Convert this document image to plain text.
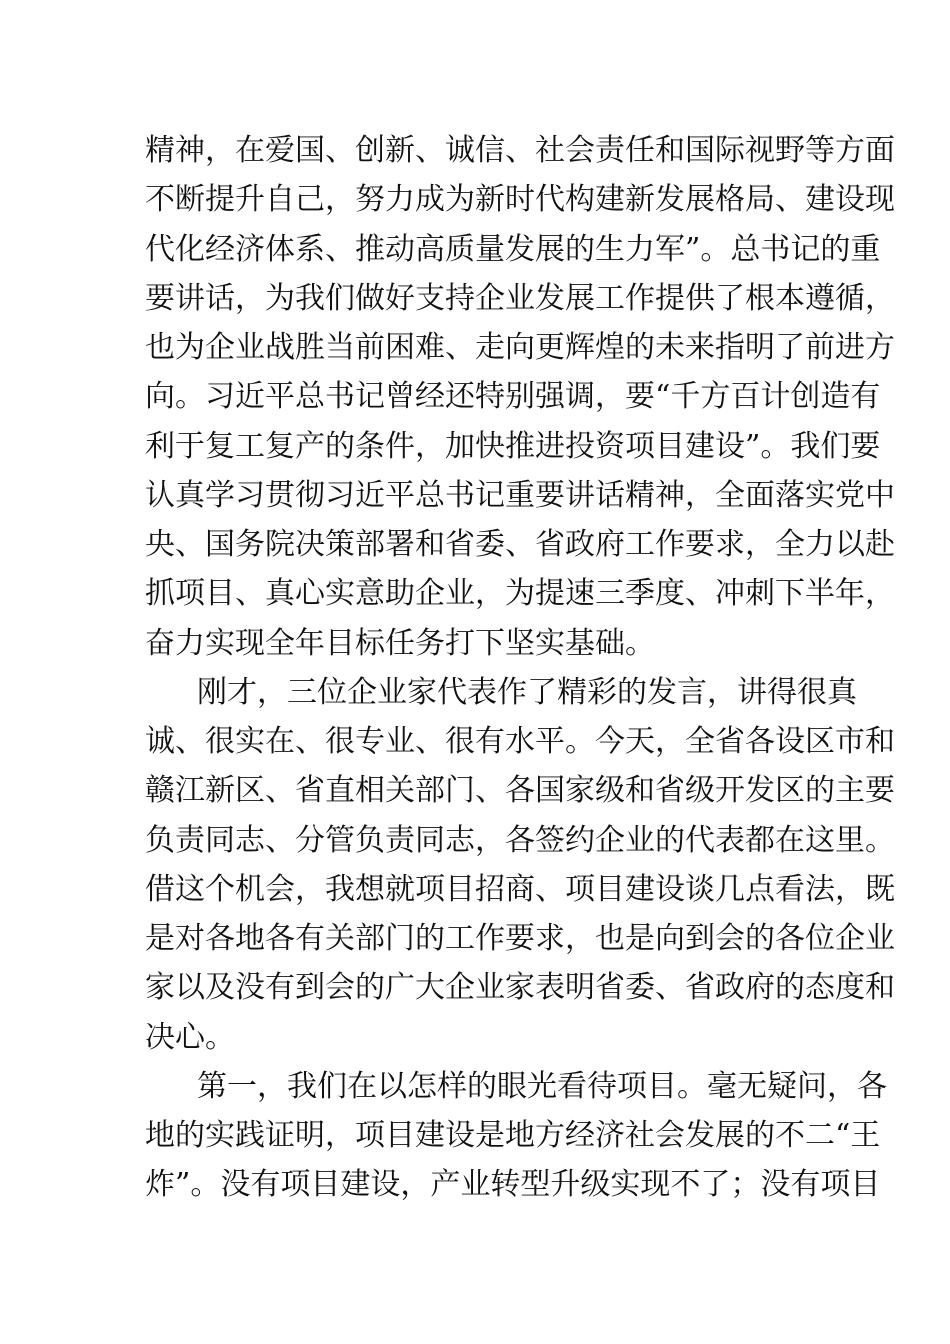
精神，在爱国、创新、诚信、社会责任和国际视野等方面
不断提升自己，努力成为新时代构建新发展格局、建设现
代化经济体系、推动高质量发展的生力军”。总书记的重
要讲话，为我们做好支持企业发展工作提供了根本遵循，
也为企业战胜当前困难、走向更辉煌的未来指明了前进方
向。习近平总书记曾经还特别强调，要“千方百计创造有
利于复工复产的条件，加快推进投资项目建设”。我们要
认真学习贯彻习近平总书记重要讲话精神，全面落实党中
央、国务院决策部署和省委、省政府工作要求，全力以赴
抓项目、真心实意助企业，为提速三季度、冲刺下半年，
奋力实现全年目标任务打下坚实基础。
刚才，三位企业家代表作了精彩的发言，讲得很真
诚、很实在、很专业、很有水平。今天，全省各设区市和
赣江新区、省直相关部门、各国家级和省级开发区的主要
负责同志、分管负责同志，各签约企业的代表都在这里。
借这个机会，我想就项目招商、项目建设谈几点看法，既
是对各地各有关部门的工作要求，也是向到会的各位企业
家以及没有到会的广大企业家表明省委、省政府的态度和
决心。
第一，我们在以怎样的眼光看待项目。毫无疑问，各
地的实践证明，项目建设是地方经济社会发展的不二“王
炸”。没有项目建设，产业转型升级实现不了；没有项目
